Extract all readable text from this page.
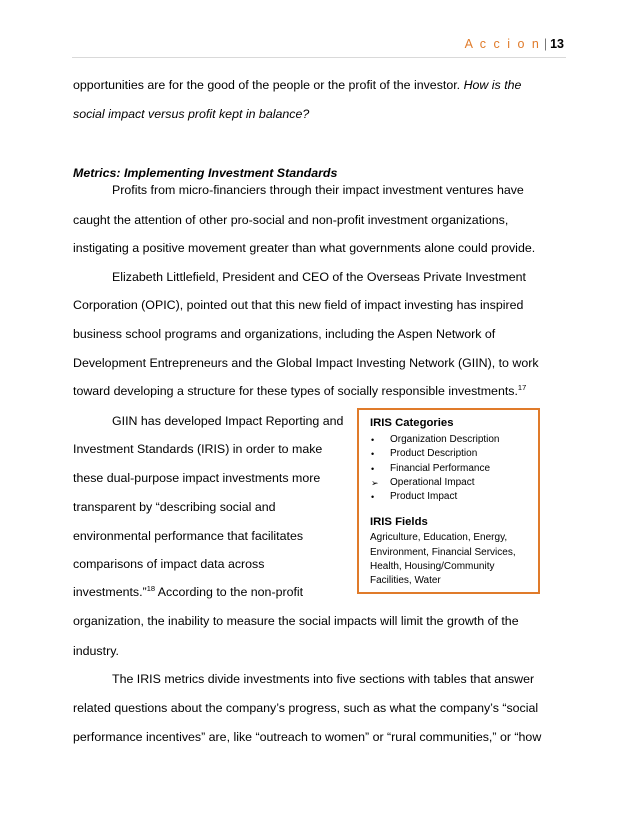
A c c i o n | 13
opportunities are for the good of the people or the profit of the investor. How is the
social impact versus profit kept in balance?
Metrics: Implementing Investment Standards
Profits from micro-financiers through their impact investment ventures have
caught the attention of other pro-social and non-profit investment organizations,
instigating a positive movement greater than what governments alone could provide.
Elizabeth Littlefield, President and CEO of the Overseas Private Investment
Corporation (OPIC), pointed out that this new field of impact investing has inspired
business school programs and organizations, including the Aspen Network of
Development Entrepreneurs and the Global Impact Investing Network (GIIN), to work
toward developing a structure for these types of socially responsible investments.$^{17}$
GIIN has developed Impact Reporting and
Investment Standards (IRIS) in order to make
these dual-purpose impact investments more
transparent by “describing social and
environmental performance that facilitates
comparisons of impact data across
investments.”$^{18}$ According to the non-profit
organization, the inability to measure the social impacts will limit the growth of the
industry.
The IRIS metrics divide investments into five sections with tables that answer
related questions about the company’s progress, such as what the company’s “social
performance incentives” are, like “outreach to women” or “rural communities,” or “how
IRIS Categories
• Organization Description
• Product Description
• Financial Performance
➢ Operational Impact
• Product Impact
IRIS Fields
Agriculture, Education, Energy,
Environment, Financial Services,
Health, Housing/Community
Facilities, Water
